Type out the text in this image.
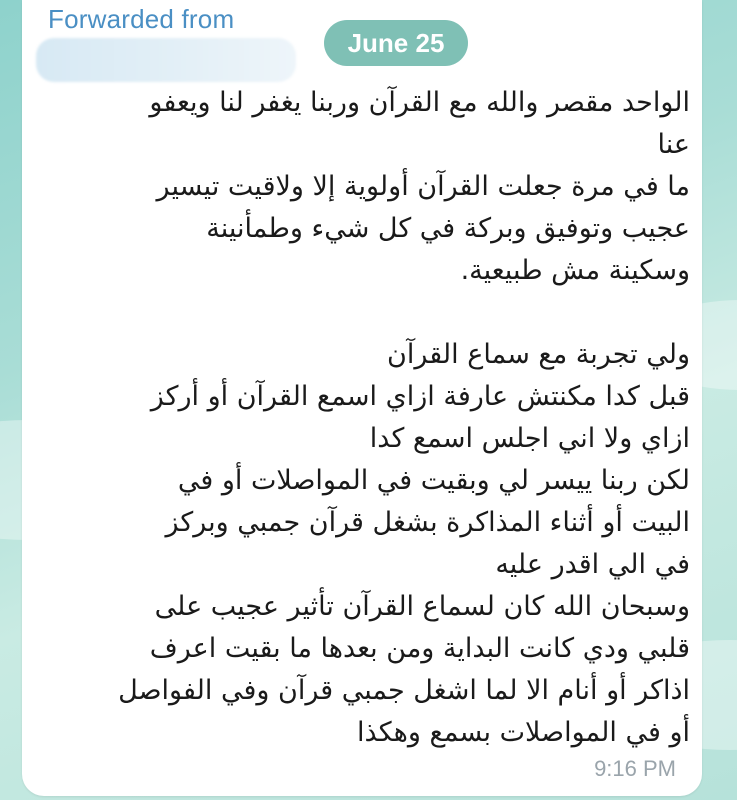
Forwarded from
June 25
الواحد مقصر والله مع القرآن وربنا يغفر لنا ويعفو
عنا
ما في مرة جعلت القرآن أولوية إلا ولاقيت تيسير
عجيب وتوفيق وبركة في كل شيء وطمأنينة
وسكينة مش طبيعية.
ولي تجربة مع سماع القرآن
قبل كدا مكنتش عارفة ازاي اسمع القرآن أو أركز
ازاي ولا اني اجلس اسمع كدا
لكن ربنا ييسر لي وبقيت في المواصلات أو في
البيت أو أثناء المذاكرة بشغل قرآن جمبي وبركز
في الي اقدر عليه
وسبحان الله كان لسماع القرآن تأثير عجيب على
قلبي ودي كانت البداية ومن بعدها ما بقيت اعرف
اذاكر أو أنام الا لما اشغل جمبي قرآن وفي الفواصل
أو في المواصلات بسمع وهكذا
9:16 PM
